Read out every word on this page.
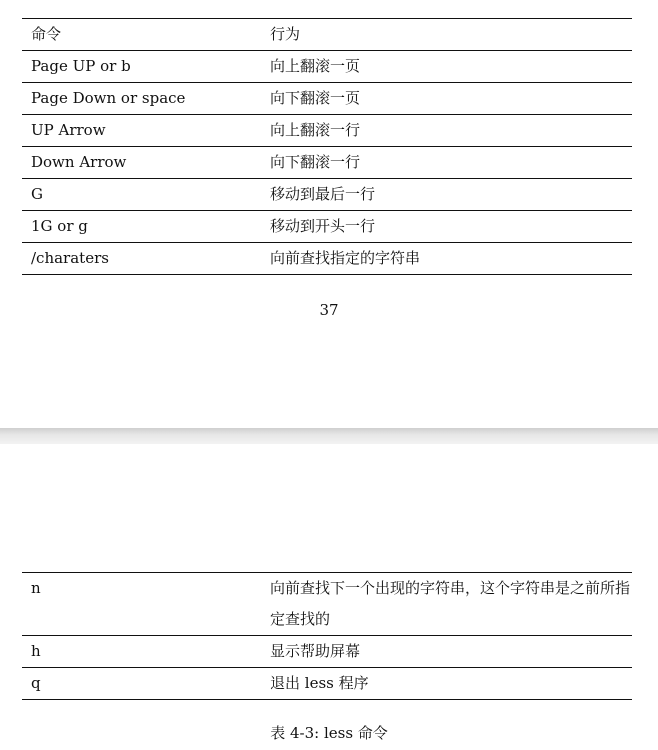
命令	行为
Page UP or b	向上翻滚一页
Page Down or space	向下翻滚一页
UP Arrow	向上翻滚一行
Down Arrow	向下翻滚一行
G	移动到最后一行
1G or g	移动到开头一行
/charaters	向前查找指定的字符串
37
n	向前查找下一个出现的字符串，这个字符串是之前所指定查找的
h	显示帮助屏幕
q	退出 less 程序
表 4-3: less 命令
